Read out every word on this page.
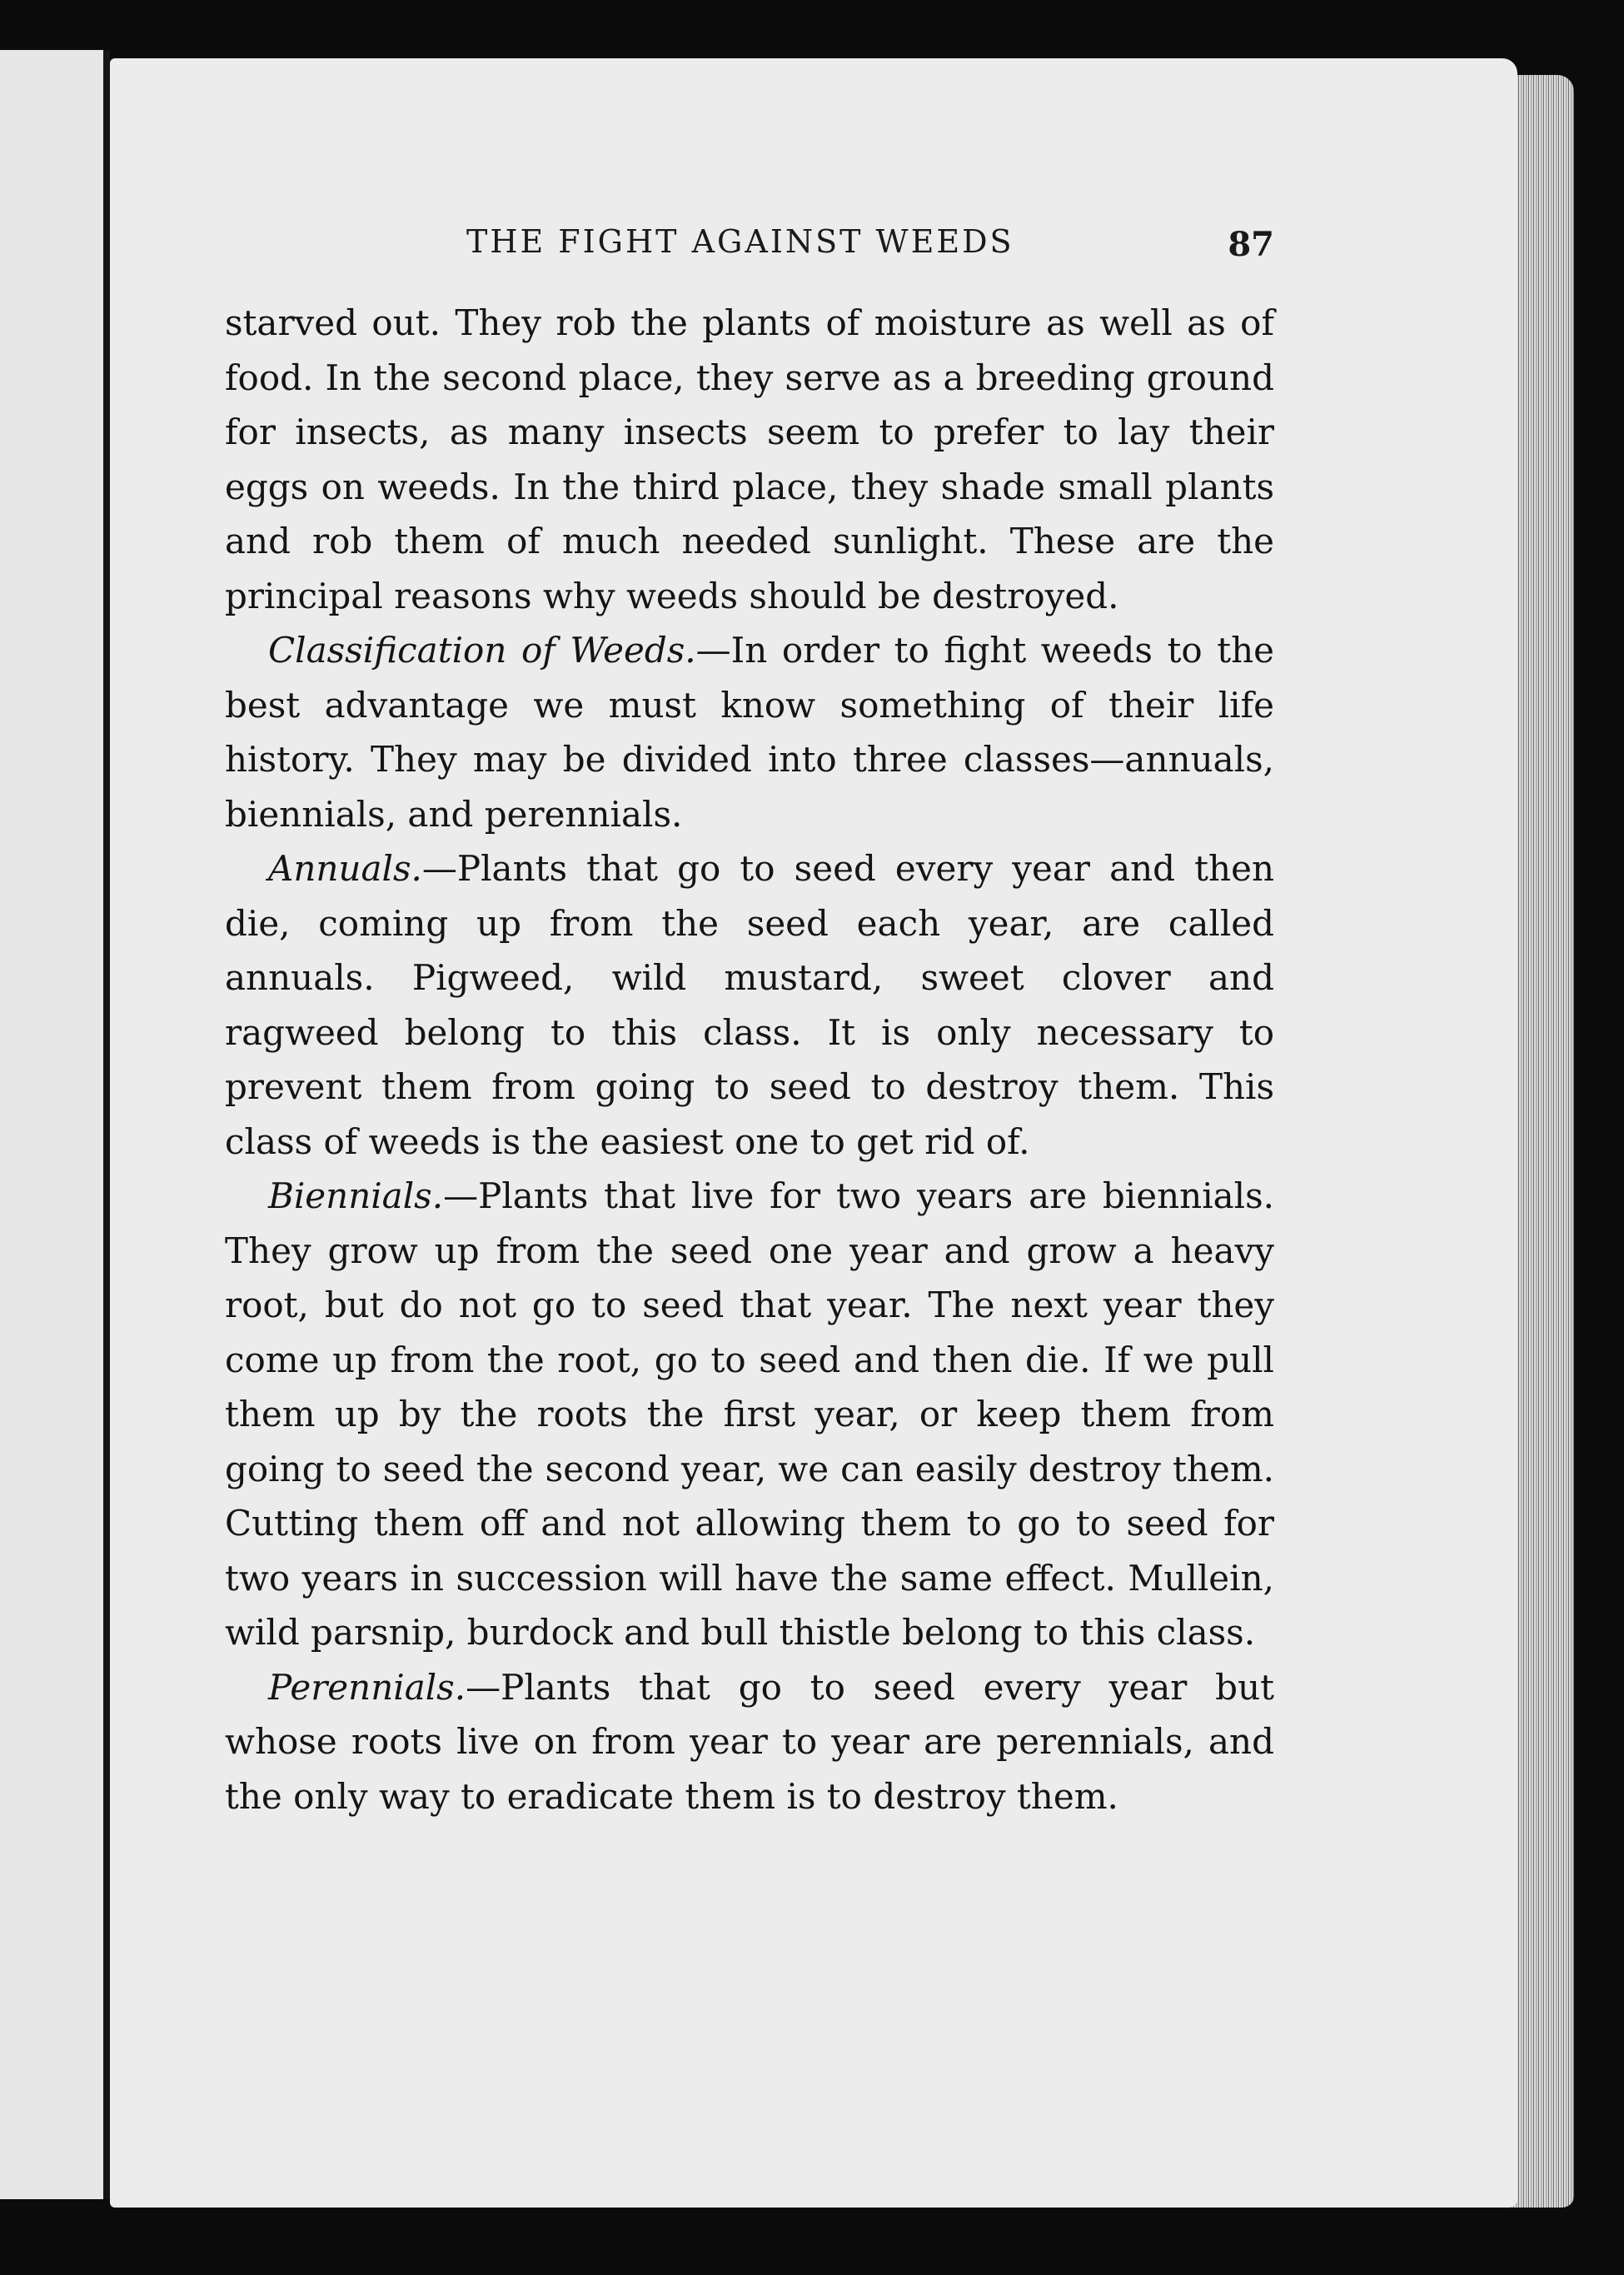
THE FIGHT AGAINST WEEDS	87

starved out. They rob the plants of moisture as well as of food. In the second place, they serve as a breeding ground for insects, as many insects seem to prefer to lay their eggs on weeds. In the third place, they shade small plants and rob them of much needed sunlight. These are the principal reasons why weeds should be destroyed.

Classification of Weeds.—In order to fight weeds to the best advantage we must know something of their life history. They may be divided into three classes—annuals, biennials, and perennials.

Annuals.—Plants that go to seed every year and then die, coming up from the seed each year, are called annuals. Pigweed, wild mustard, sweet clover and ragweed belong to this class. It is only necessary to prevent them from going to seed to destroy them. This class of weeds is the easiest one to get rid of.

Biennials.—Plants that live for two years are biennials. They grow up from the seed one year and grow a heavy root, but do not go to seed that year. The next year they come up from the root, go to seed and then die. If we pull them up by the roots the first year, or keep them from going to seed the second year, we can easily destroy them. Cutting them off and not allowing them to go to seed for two years in succession will have the same effect. Mullein, wild parsnip, burdock and bull thistle belong to this class.

Perennials.—Plants that go to seed every year but whose roots live on from year to year are perennials, and the only way to eradicate them is to destroy them.
